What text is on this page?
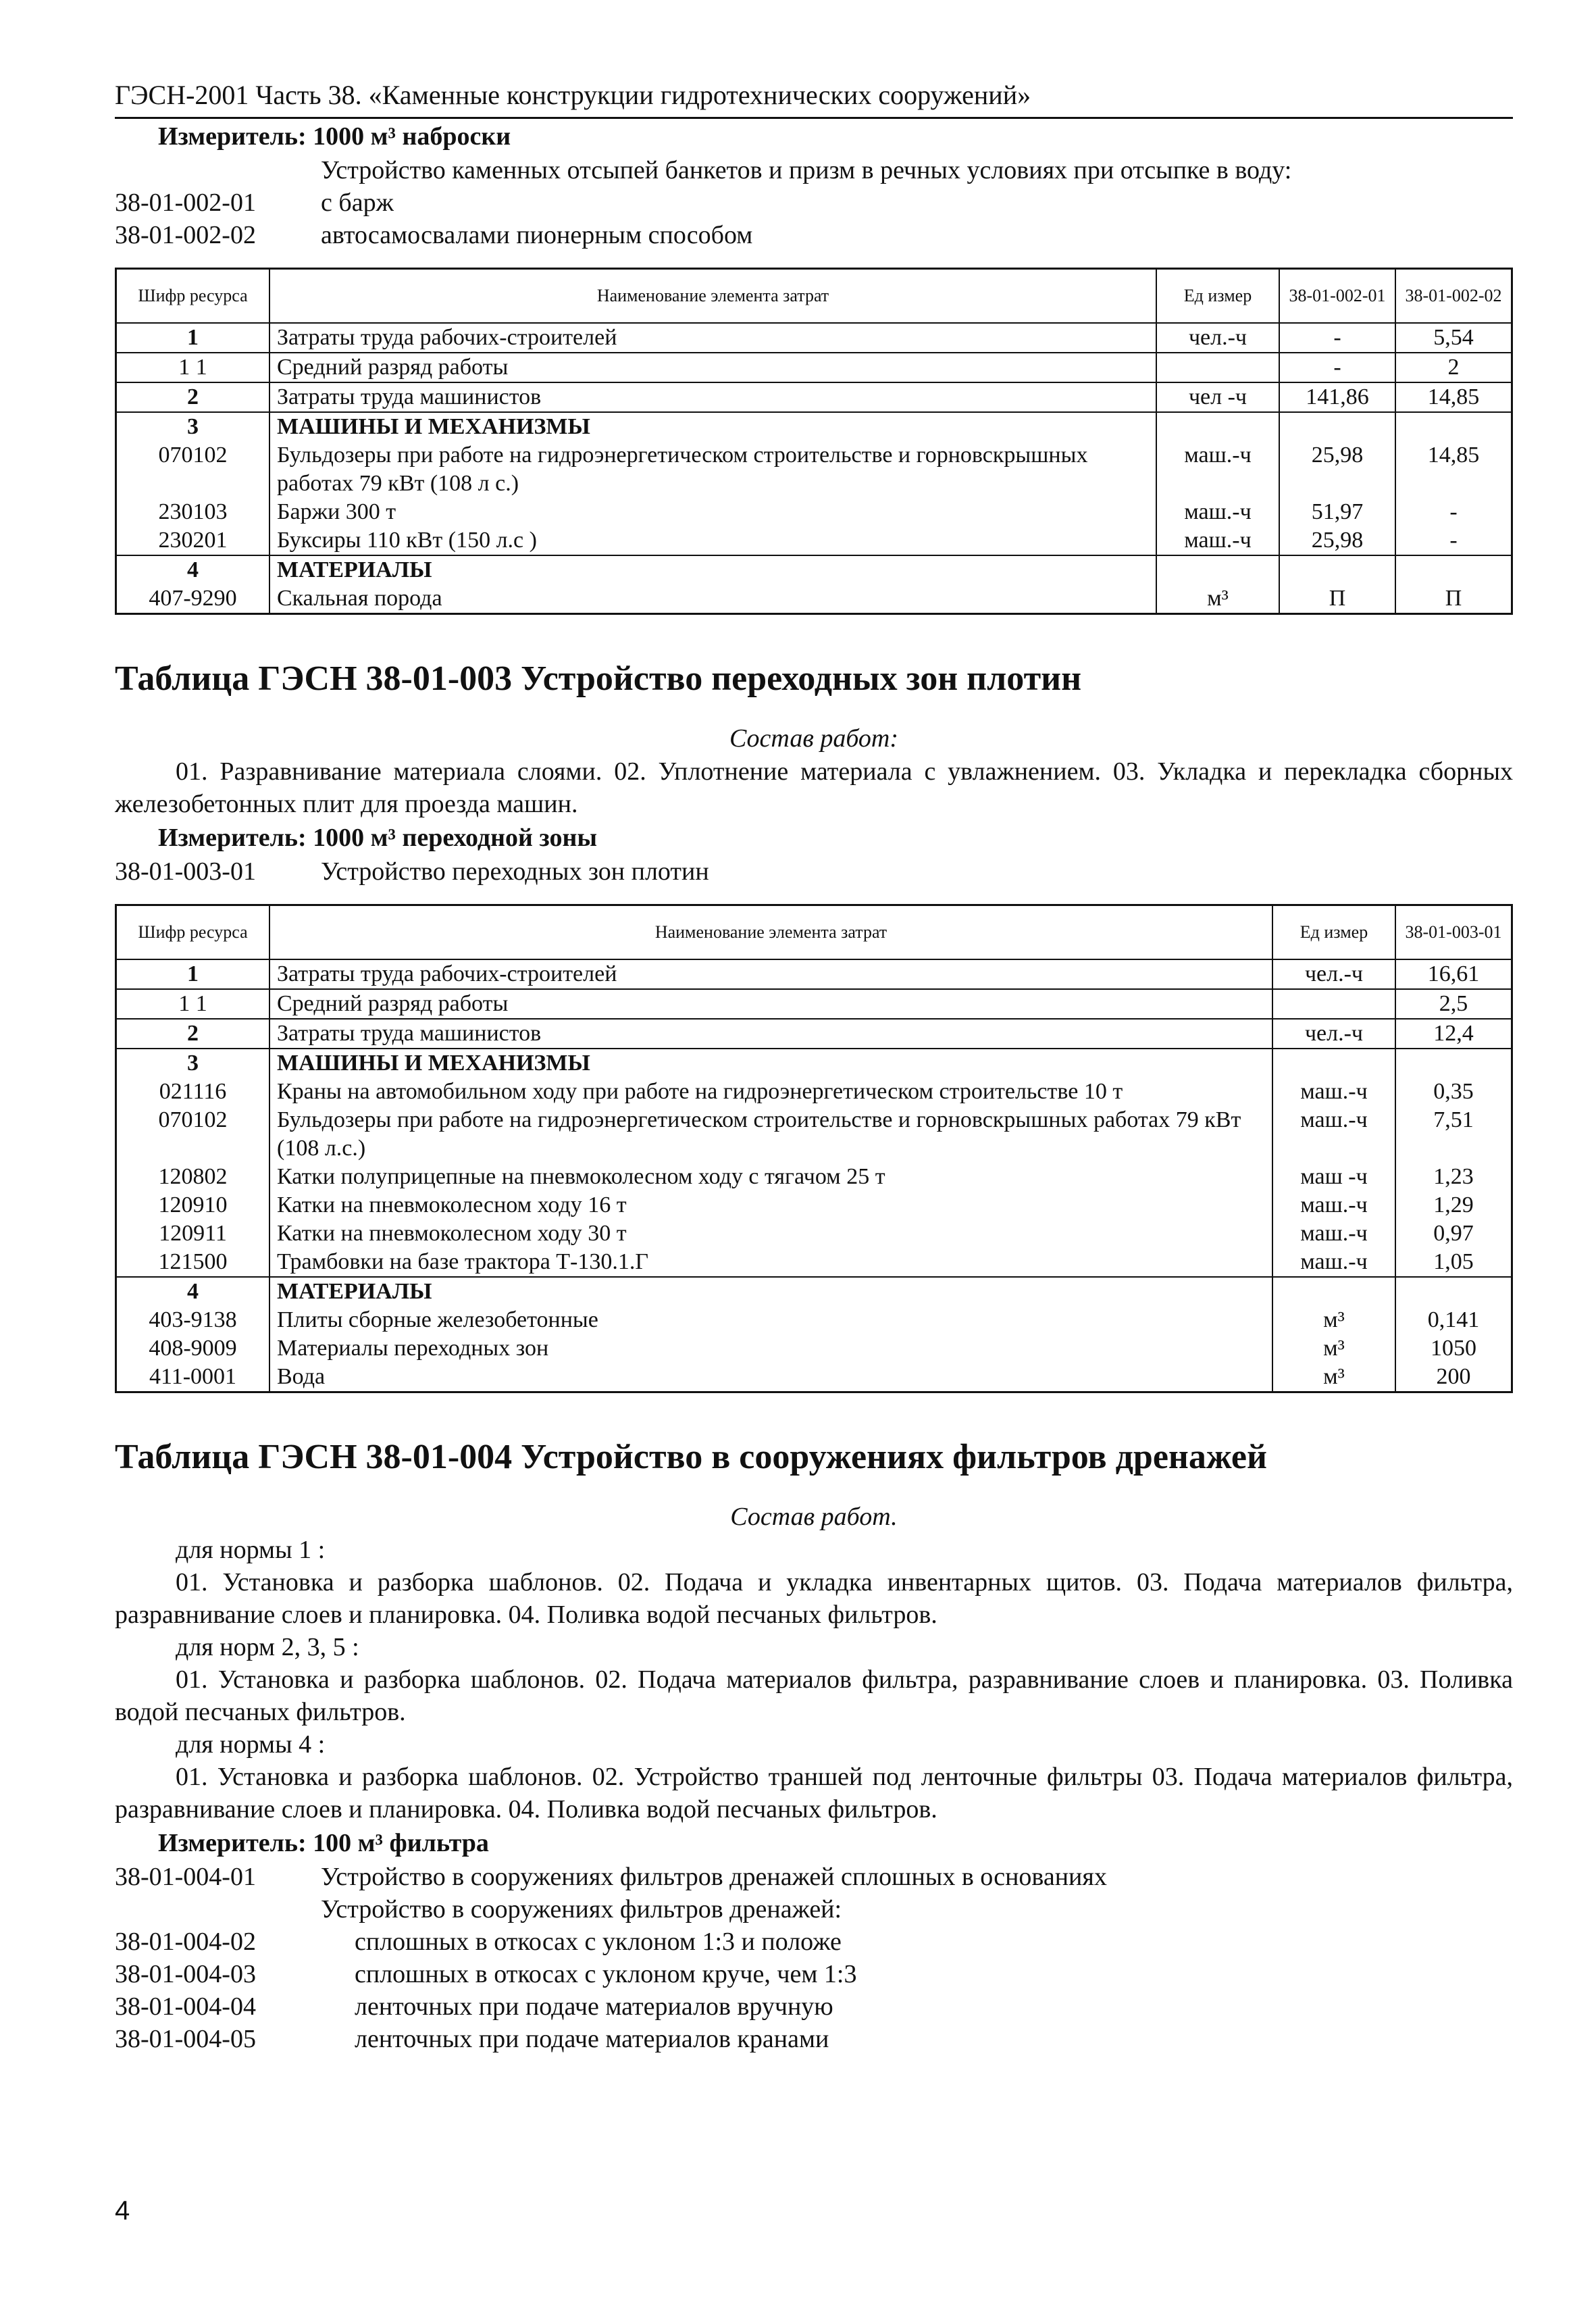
ГЭСН-2001 Часть 38. «Каменные конструкции гидротехнических сооружений»
Измеритель: 1000 м³ наброски
Устройство каменных отсыпей банкетов и призм в речных условиях при отсыпке в воду:
38-01-002-01	с барж
38-01-002-02	автосамосвалами пионерным способом
Шифр ресурса	Наименование элемента затрат	Ед измер	38-01-002-01	38-01-002-02
1	Затраты труда рабочих-строителей	чел.-ч	-	5,54
1 1	Средний разряд работы		-	2
2	Затраты труда машинистов	чел -ч	141,86	14,85
3	МАШИНЫ И МЕХАНИЗМЫ			
070102	Бульдозеры при работе на гидроэнергетическом строительстве и горновскрышных работах 79 кВт (108 л с.)	маш.-ч	25,98	14,85
230103	Баржи 300 т	маш.-ч	51,97	-
230201	Буксиры 110 кВт (150 л.с )	маш.-ч	25,98	-
4	МАТЕРИАЛЫ			
407-9290	Скальная порода	м³	П	П
Таблица ГЭСН 38-01-003 Устройство переходных зон плотин
Состав работ:
01. Разравнивание материала слоями. 02. Уплотнение материала с увлажнением. 03. Укладка и перекладка сборных железобетонных плит для проезда машин.
Измеритель: 1000 м³ переходной зоны
38-01-003-01	Устройство переходных зон плотин
Шифр ресурса	Наименование элемента затрат	Ед измер	38-01-003-01
1	Затраты труда рабочих-строителей	чел.-ч	16,61
1 1	Средний разряд работы		2,5
2	Затраты труда машинистов	чел.-ч	12,4
3	МАШИНЫ И МЕХАНИЗМЫ		
021116	Краны на автомобильном ходу при работе на гидроэнергетическом строительстве 10 т	маш.-ч	0,35
070102	Бульдозеры при работе на гидроэнергетическом строительстве и горновскрышных работах 79 кВт (108 л.с.)	маш.-ч	7,51
120802	Катки полуприцепные на пневмоколесном ходу с тягачом 25 т	маш -ч	1,23
120910	Катки на пневмоколесном ходу 16 т	маш.-ч	1,29
120911	Катки на пневмоколесном ходу 30 т	маш.-ч	0,97
121500	Трамбовки на базе трактора Т-130.1.Г	маш.-ч	1,05
4	МАТЕРИАЛЫ		
403-9138	Плиты сборные железобетонные	м³	0,141
408-9009	Материалы переходных зон	м³	1050
411-0001	Вода	м³	200
Таблица ГЭСН 38-01-004 Устройство в сооружениях фильтров дренажей
Состав работ.
для нормы 1 :
01. Установка и разборка шаблонов. 02. Подача и укладка инвентарных щитов. 03. Подача материалов фильтра, разравнивание слоев и планировка. 04. Поливка водой песчаных фильтров.
для норм 2, 3, 5 :
01. Установка и разборка шаблонов. 02. Подача материалов фильтра, разравнивание слоев и планировка. 03. Поливка водой песчаных фильтров.
для нормы 4 :
01. Установка и разборка шаблонов. 02. Устройство траншей под ленточные фильтры 03. Подача материалов фильтра, разравнивание слоев и планировка. 04. Поливка водой песчаных фильтров.
Измеритель: 100 м³ фильтра
38-01-004-01	Устройство в сооружениях фильтров дренажей сплошных в основаниях
Устройство в сооружениях фильтров дренажей:
38-01-004-02	сплошных в откосах с уклоном 1:3 и положе
38-01-004-03	сплошных в откосах с уклоном круче, чем 1:3
38-01-004-04	ленточных при подаче материалов вручную
38-01-004-05	ленточных при подаче материалов кранами
4
